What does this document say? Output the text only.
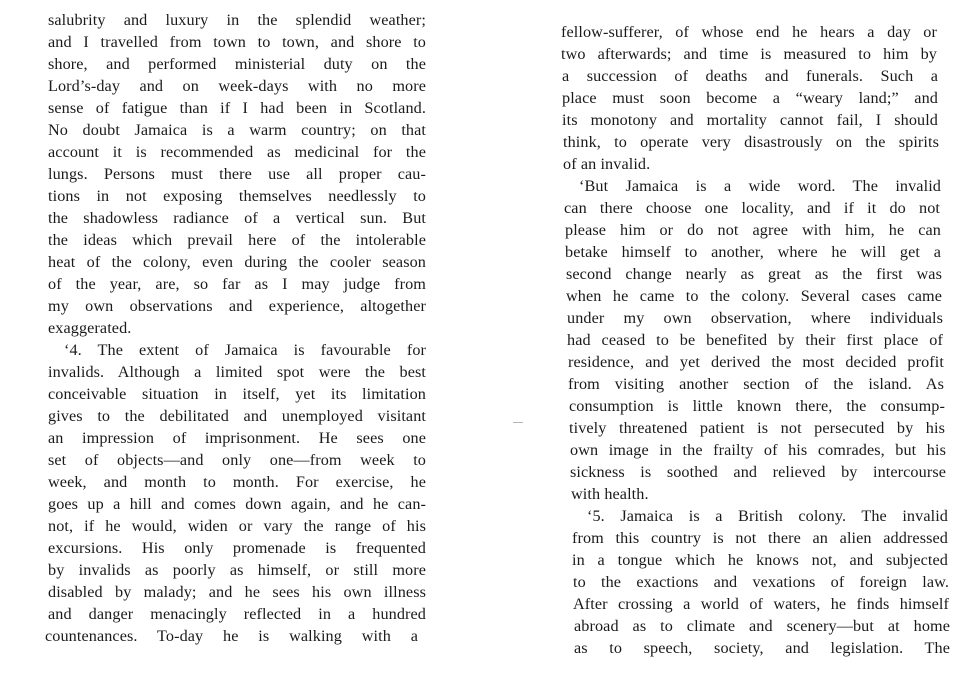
salubrity and luxury in the splendid weather;
and I travelled from town to town, and shore to
shore, and performed ministerial duty on the
Lord’s-day and on week-days with no more
sense of fatigue than if I had been in Scotland.
No doubt Jamaica is a warm country; on that
account it is recommended as medicinal for the
lungs. Persons must there use all proper cau-
tions in not exposing themselves needlessly to
the shadowless radiance of a vertical sun. But
the ideas which prevail here of the intolerable
heat of the colony, even during the cooler season
of the year, are, so far as I may judge from
my own observations and experience, altogether
exaggerated.
‘4. The extent of Jamaica is favourable for
invalids. Although a limited spot were the best
conceivable situation in itself, yet its limitation
gives to the debilitated and unemployed visitant
an impression of imprisonment. He sees one
set of objects—and only one—from week to
week, and month to month. For exercise, he
goes up a hill and comes down again, and he can-
not, if he would, widen or vary the range of his
excursions. His only promenade is frequented
by invalids as poorly as himself, or still more
disabled by malady; and he sees his own illness
and danger menacingly reflected in a hundred
countenances. To-day he is walking with a
fellow-sufferer, of whose end he hears a day or
two afterwards; and time is measured to him by
a succession of deaths and funerals. Such a
place must soon become a “weary land;” and
its monotony and mortality cannot fail, I should
think, to operate very disastrously on the spirits
of an invalid.
‘But Jamaica is a wide word. The invalid
can there choose one locality, and if it do not
please him or do not agree with him, he can
betake himself to another, where he will get a
second change nearly as great as the first was
when he came to the colony. Several cases came
under my own observation, where individuals
had ceased to be benefited by their first place of
residence, and yet derived the most decided profit
from visiting another section of the island. As
consumption is little known there, the consump-
tively threatened patient is not persecuted by his
own image in the frailty of his comrades, but his
sickness is soothed and relieved by intercourse
with health.
‘5. Jamaica is a British colony. The invalid
from this country is not there an alien addressed
in a tongue which he knows not, and subjected
to the exactions and vexations of foreign law.
After crossing a world of waters, he finds himself
abroad as to climate and scenery—but at home
as to speech, society, and legislation. The
